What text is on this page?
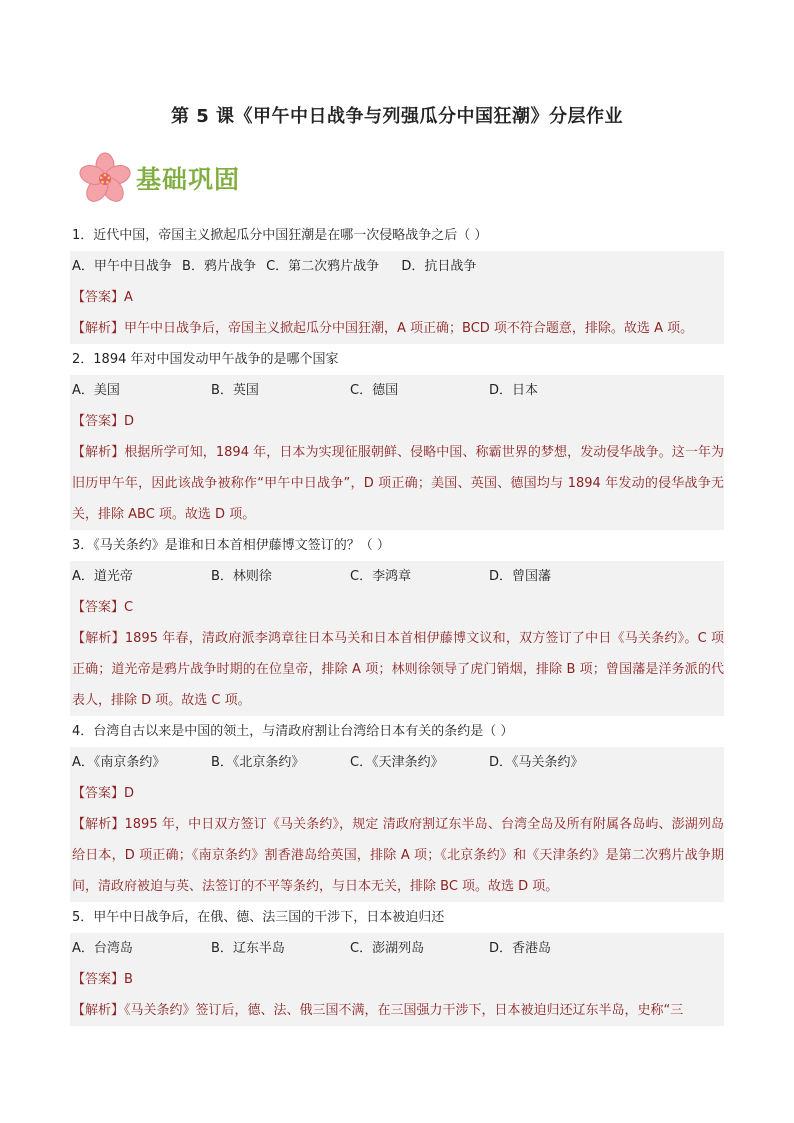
第 5 课《甲午中日战争与列强瓜分中国狂潮》分层作业
基础巩固
1．近代中国，帝国主义掀起瓜分中国狂潮是在哪一次侵略战争之后（ ）
A．甲午中日战争 B．鸦片战争 C．第二次鸦片战争 D．抗日战争
【答案】A
【解析】甲午中日战争后，帝国主义掀起瓜分中国狂潮，A 项正确；BCD 项不符合题意，排除。故选 A 项。
2．1894 年对中国发动甲午战争的是哪个国家
A．美国	B．英国	C．德国	D．日本
【答案】D
【解析】根据所学可知，1894 年，日本为实现征服朝鲜、侵略中国、称霸世界的梦想，发动侵华战争。这一年为旧历甲午年，因此该战争被称作“甲午中日战争”，D 项正确；美国、英国、德国均与 1894 年发动的侵华战争无关，排除 ABC 项。故选 D 项。
3．《马关条约》是谁和日本首相伊藤博文签订的？（ ）
A．道光帝	B．林则徐	C．李鸿章	D．曾国藩
【答案】C
【解析】1895 年春，清政府派李鸿章往日本马关和日本首相伊藤博文议和，双方签订了中日《马关条约》。C 项正确；道光帝是鸦片战争时期的在位皇帝，排除 A 项；林则徐领导了虎门销烟，排除 B 项；曾国藩是洋务派的代表人，排除 D 项。故选 C 项。
4．台湾自古以来是中国的领土，与清政府割让台湾给日本有关的条约是（ ）
A．《南京条约》	B．《北京条约》	C．《天津条约》	D．《马关条约》
【答案】D
【解析】1895 年，中日双方签订《马关条约》，规定 清政府割辽东半岛、台湾全岛及所有附属各岛屿、澎湖列岛给日本，D 项正确；《南京条约》割香港岛给英国，排除 A 项；《北京条约》和《天津条约》是第二次鸦片战争期间，清政府被迫与英、法签订的不平等条约，与日本无关，排除 BC 项。故选 D 项。
5．甲午中日战争后，在俄、德、法三国的干涉下，日本被迫归还
A．台湾岛	B．辽东半岛	C．澎湖列岛	D．香港岛
【答案】B
【解析】《马关条约》签订后，德、法、俄三国不满，在三国强力干涉下，日本被迫归还辽东半岛，史称“三
